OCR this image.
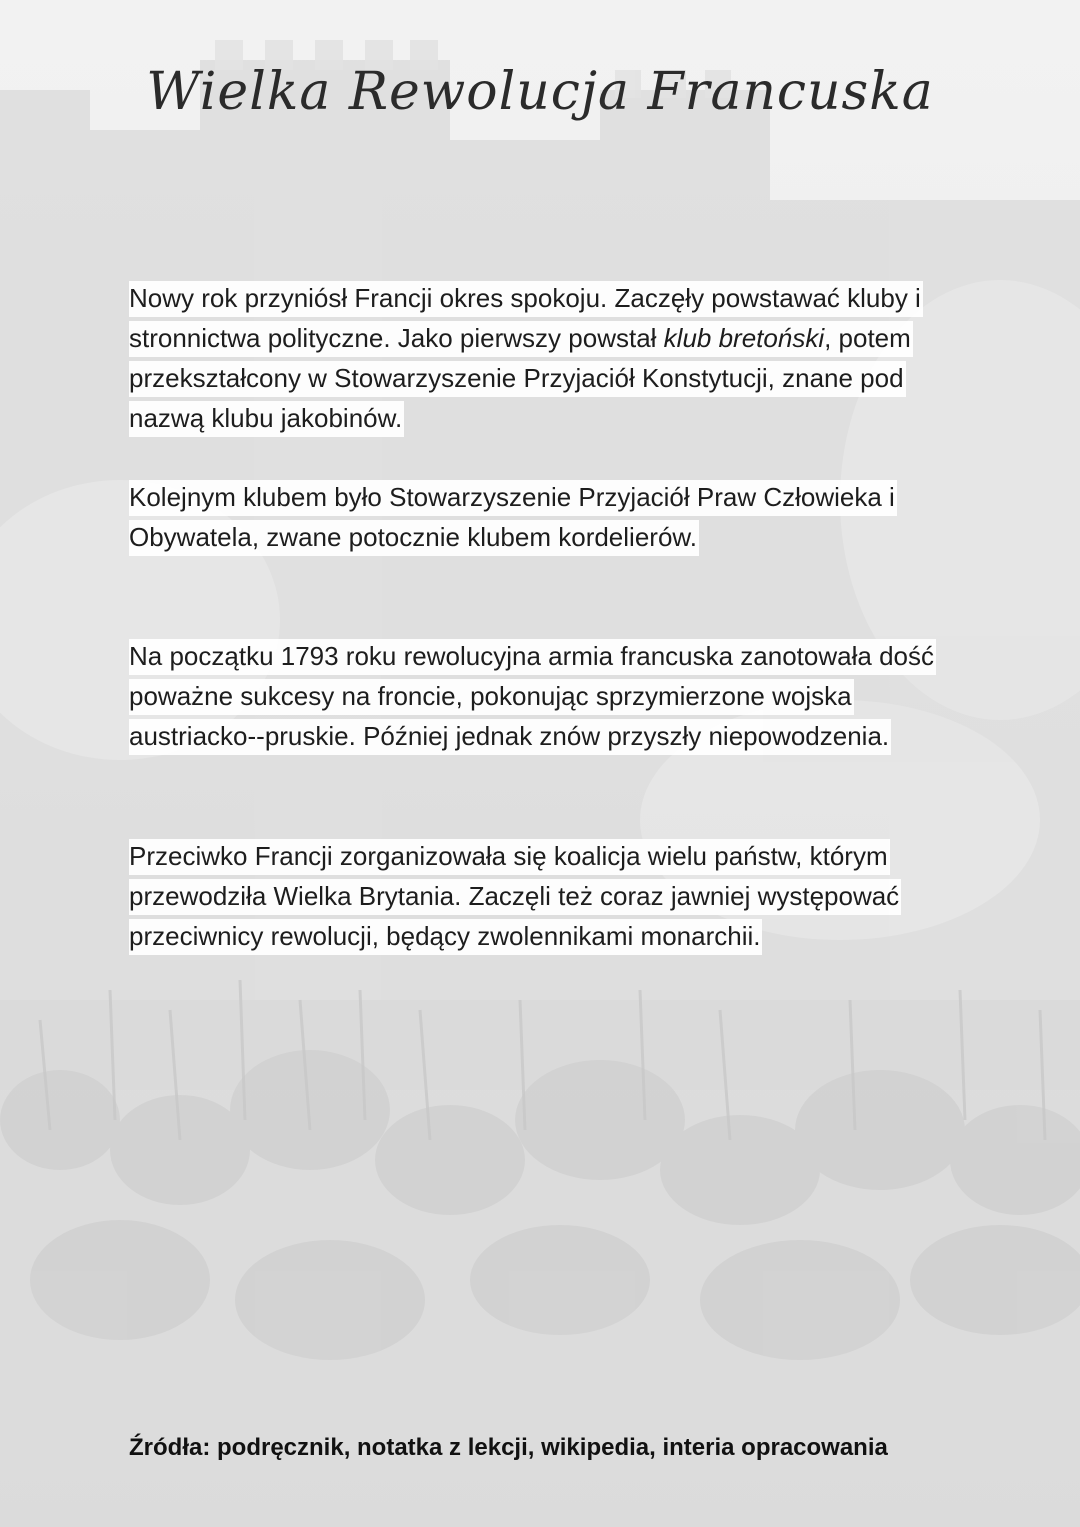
Wielka Rewolucja Francuska

Nowy rok przyniósł Francji okres spokoju. Zaczęły powstawać kluby i stronnictwa polityczne. Jako pierwszy powstał klub bretoński, potem przekształcony w Stowarzyszenie Przyjaciół Konstytucji, znane pod nazwą klubu jakobinów.

Kolejnym klubem było Stowarzyszenie Przyjaciół Praw Człowieka i Obywatela, zwane potocznie klubem kordelierów.

Na początku 1793 roku rewolucyjna armia francuska zanotowała dość poważne sukcesy na froncie, pokonując sprzymierzone wojska austriacko--pruskie. Później jednak znów przyszły niepowodzenia.

Przeciwko Francji zorganizowała się koalicja wielu państw, którym przewodziła Wielka Brytania. Zaczęli też coraz jawniej występować przeciwnicy rewolucji, będący zwolennikami monarchii.

Źródła: podręcznik, notatka z lekcji, wikipedia, interia opracowania
